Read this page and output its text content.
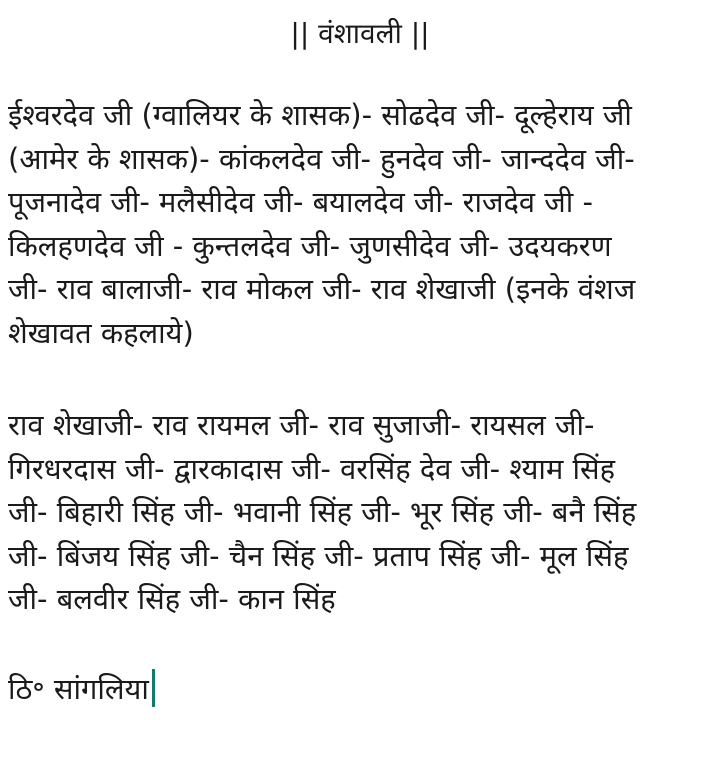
|| वंशावली ||
ईश्वरदेव जी (ग्वालियर के शासक)- सोढदेव जी- दूल्हेराय जी
(आमेर के शासक)- कांकलदेव जी- हुनदेव जी- जान्ददेव जी-
पूजनादेव जी- मलैसीदेव जी- बयालदेव जी- राजदेव जी -
किलहणदेव जी - कुन्तलदेव जी- जुणसीदेव जी- उदयकरण
जी- राव बालाजी- राव मोकल जी- राव शेखाजी (इनके वंशज
शेखावत कहलाये)
राव शेखाजी- राव रायमल जी- राव सुजाजी- रायसल जी-
गिरधरदास जी- द्वारकादास जी- वरसिंह देव जी- श्याम सिंह
जी- बिहारी सिंह जी- भवानी सिंह जी- भूर सिंह जी- बनै सिंह
जी- बिंजय सिंह जी- चैन सिंह जी- प्रताप सिंह जी- मूल सिंह
जी- बलवीर सिंह जी- कान सिंह
ठि॰ सांगलिया
